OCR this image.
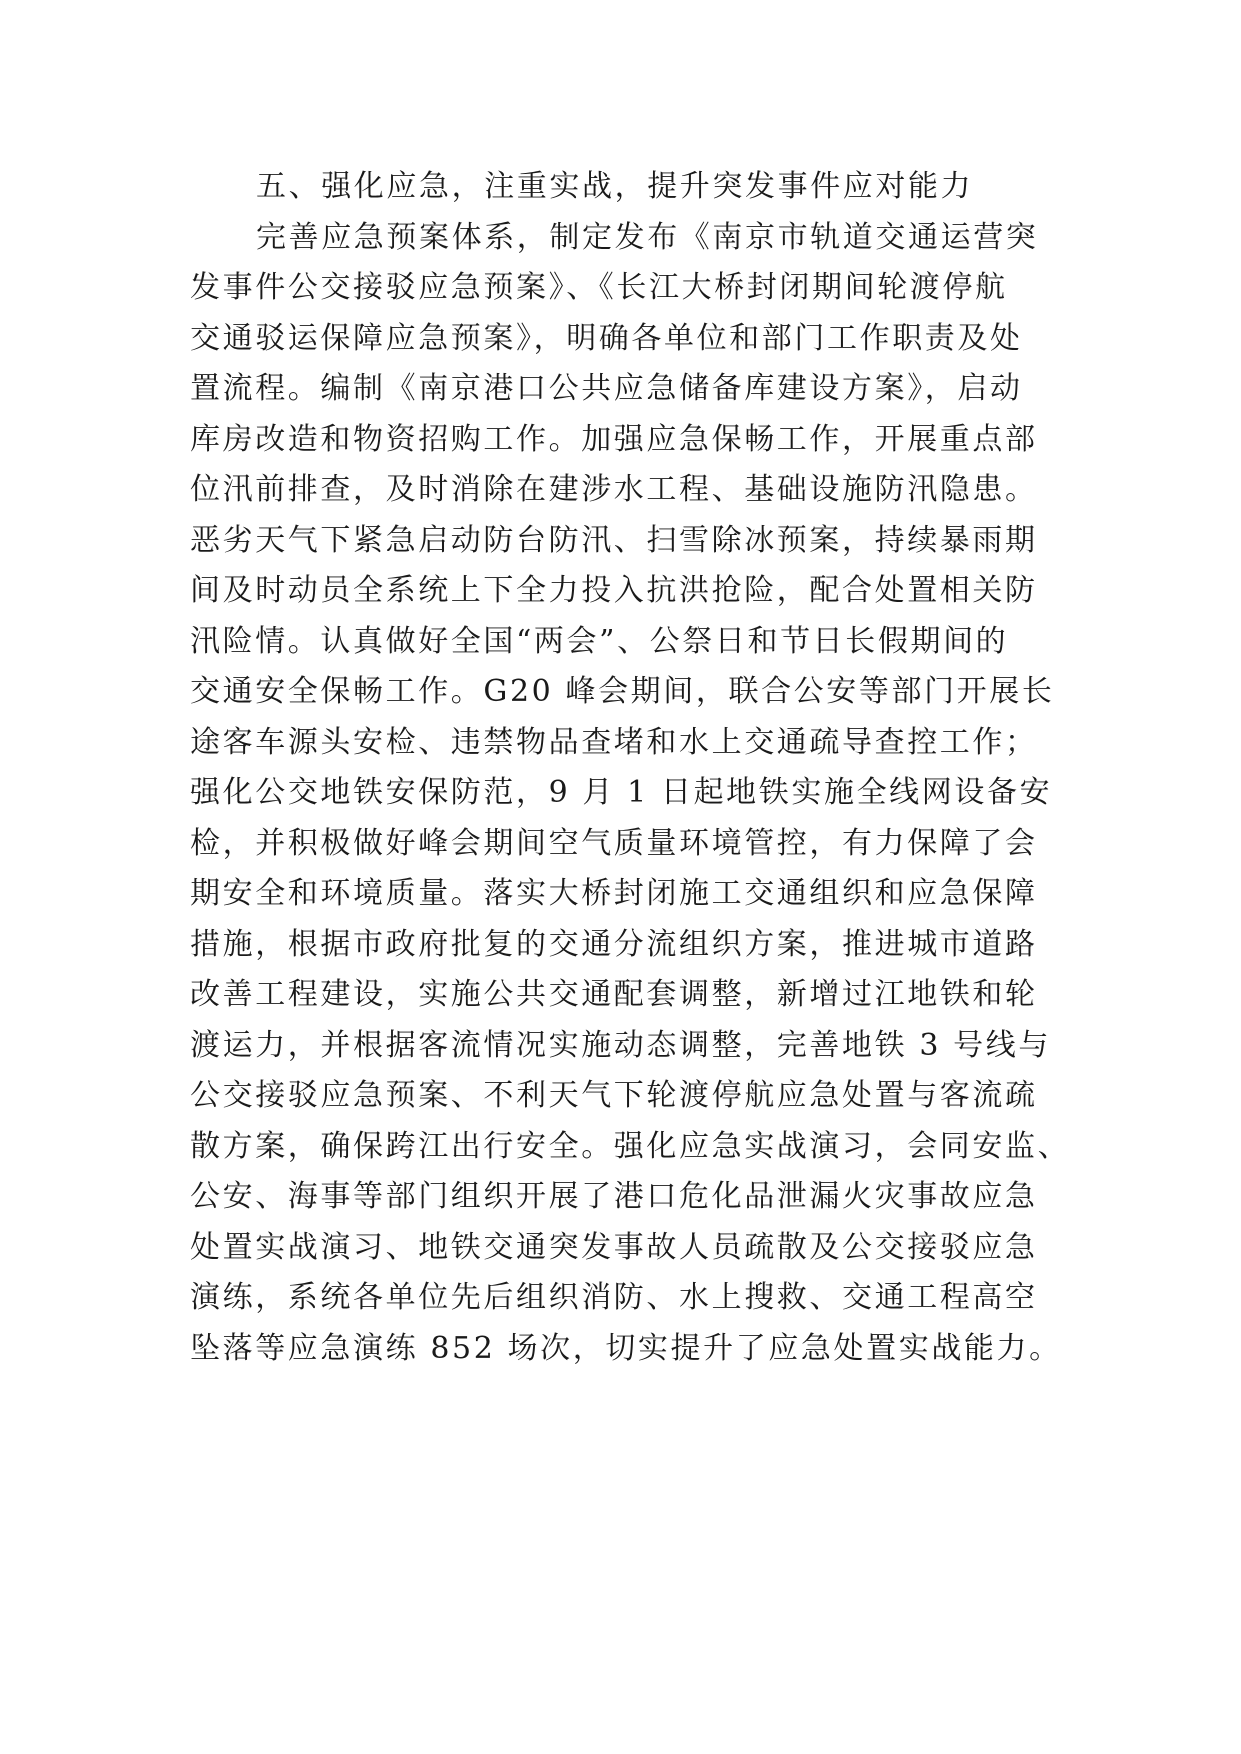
五、强化应急，注重实战，提升突发事件应对能力
完善应急预案体系，制定发布《南京市轨道交通运营突
发事件公交接驳应急预案》、《长江大桥封闭期间轮渡停航
交通驳运保障应急预案》，明确各单位和部门工作职责及处
置流程。编制《南京港口公共应急储备库建设方案》，启动
库房改造和物资招购工作。加强应急保畅工作，开展重点部
位汛前排查，及时消除在建涉水工程、基础设施防汛隐患。
恶劣天气下紧急启动防台防汛、扫雪除冰预案，持续暴雨期
间及时动员全系统上下全力投入抗洪抢险，配合处置相关防
汛险情。认真做好全国“两会”、公祭日和节日长假期间的
交通安全保畅工作。G20 峰会期间，联合公安等部门开展长
途客车源头安检、违禁物品查堵和水上交通疏导查控工作；
强化公交地铁安保防范，9 月 1 日起地铁实施全线网设备安
检，并积极做好峰会期间空气质量环境管控，有力保障了会
期安全和环境质量。落实大桥封闭施工交通组织和应急保障
措施，根据市政府批复的交通分流组织方案，推进城市道路
改善工程建设，实施公共交通配套调整，新增过江地铁和轮
渡运力，并根据客流情况实施动态调整，完善地铁 3 号线与
公交接驳应急预案、不利天气下轮渡停航应急处置与客流疏
散方案，确保跨江出行安全。强化应急实战演习，会同安监、
公安、海事等部门组织开展了港口危化品泄漏火灾事故应急
处置实战演习、地铁交通突发事故人员疏散及公交接驳应急
演练，系统各单位先后组织消防、水上搜救、交通工程高空
坠落等应急演练 852 场次，切实提升了应急处置实战能力。
